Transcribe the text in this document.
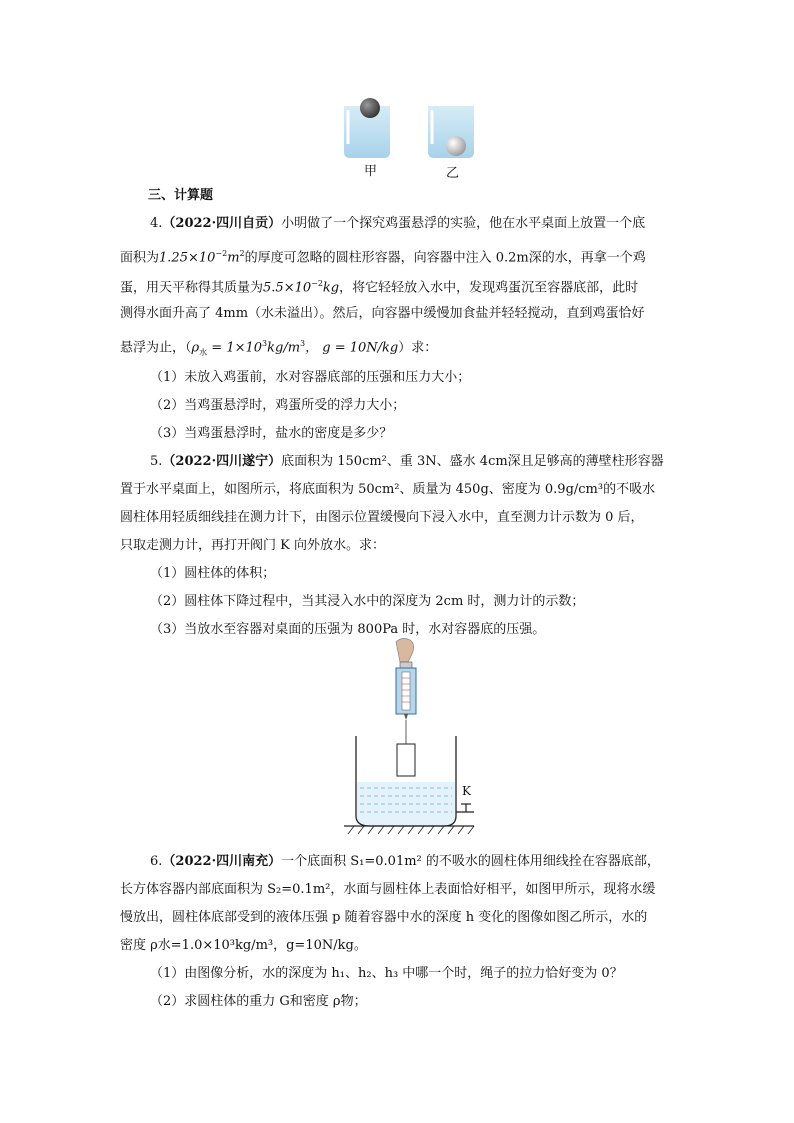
甲	乙
三、计算题
4.（2022·四川自贡）小明做了一个探究鸡蛋悬浮的实验，他在水平桌面上放置一个底
面积为$1.25\times 10^{-2}m^2$的厚度可忽略的圆柱形容器，向容器中注入 0.2m深的水，再拿一个鸡
蛋，用天平称得其质量为$5.5\times 10^{-2}kg$，将它轻轻放入水中，发现鸡蛋沉至容器底部，此时
测得水面升高了 4mm（水未溢出）。然后，向容器中缓慢加食盐并轻轻搅动，直到鸡蛋恰好
悬浮为止，（$\rho_水 = 1\times 10^3kg/m^3$， g = 10N/kg）求：
（1）未放入鸡蛋前，水对容器底部的压强和压力大小；
（2）当鸡蛋悬浮时，鸡蛋所受的浮力大小；
（3）当鸡蛋悬浮时，盐水的密度是多少？
5.（2022·四川遂宁）底面积为 150cm²、重 3N、盛水 4cm深且足够高的薄壁柱形容器
置于水平桌面上，如图所示，将底面积为 50cm²、质量为 450g、密度为 0.9g/cm³的不吸水
圆柱体用轻质细线挂在测力计下，由图示位置缓慢向下浸入水中，直至测力计示数为 0 后，
只取走测力计，再打开阀门 K 向外放水。求：
（1）圆柱体的体积；
（2）圆柱体下降过程中，当其浸入水中的深度为 2cm 时，测力计的示数；
（3）当放水至容器对桌面的压强为 800Pa 时，水对容器底的压强。
K
6.（2022·四川南充）一个底面积 S₁=0.01m² 的不吸水的圆柱体用细线拴在容器底部，
长方体容器内部底面积为 S₂=0.1m²，水面与圆柱体上表面恰好相平，如图甲所示，现将水缓
慢放出，圆柱体底部受到的液体压强 p 随着容器中水的深度 h 变化的图像如图乙所示，水的
密度 ρ水=1.0×10³kg/m³，g=10N/kg。
（1）由图像分析，水的深度为 h₁、h₂、h₃ 中哪一个时，绳子的拉力恰好变为 0？
（2）求圆柱体的重力 G和密度 ρ物；
